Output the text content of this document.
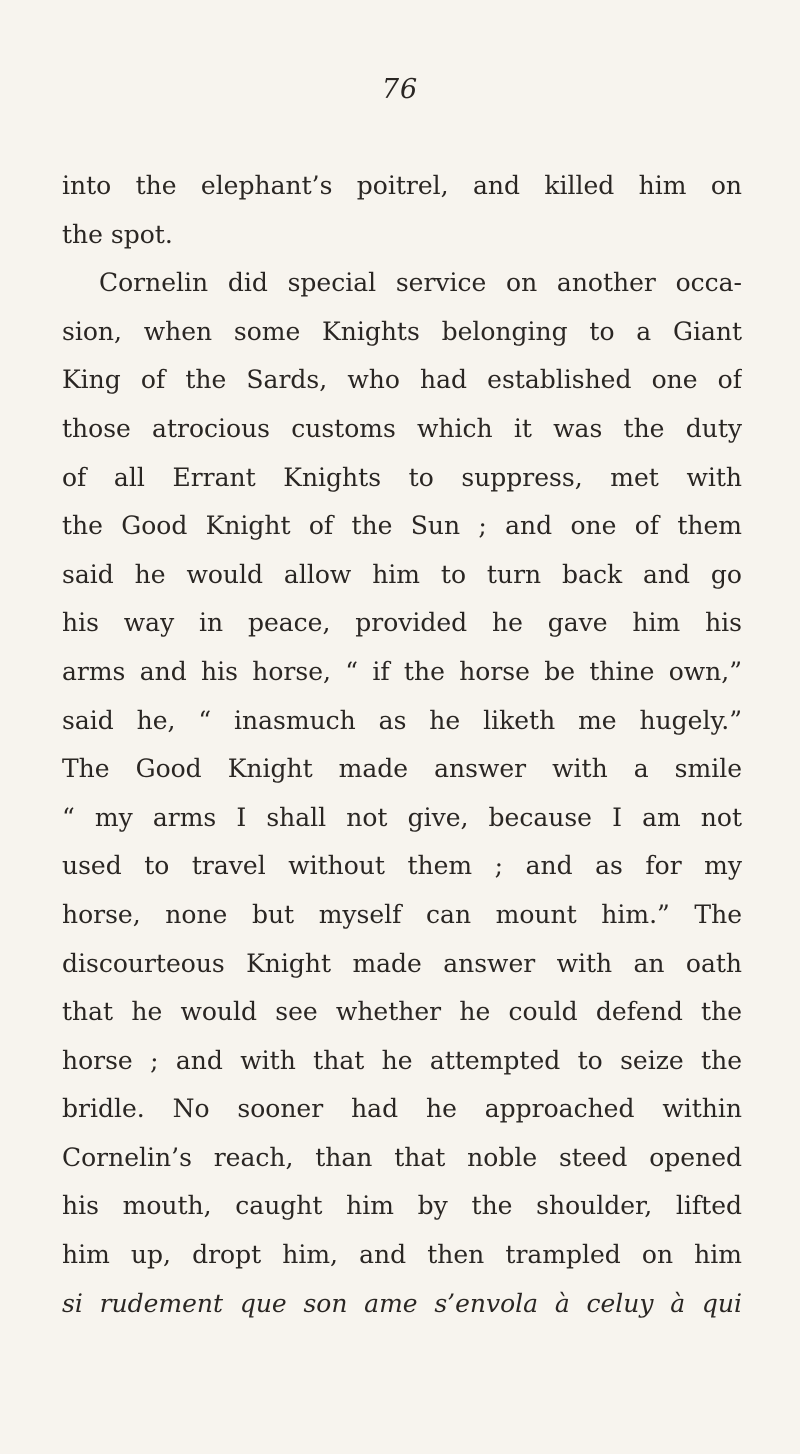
76
into the elephant’s poitrel, and killed him on
the spot.
Cornelin did special service on another occa-
sion, when some Knights belonging to a Giant
King of the Sards, who had established one of
those atrocious customs which it was the duty
of all Errant Knights to suppress, met with
the Good Knight of the Sun ; and one of them
said he would allow him to turn back and go
his way in peace, provided he gave him his
arms and his horse, “ if the horse be thine own,”
said he, “ inasmuch as he liketh me hugely.”
The Good Knight made answer with a smile
“ my arms I shall not give, because I am not
used to travel without them ; and as for my
horse, none but myself can mount him.” The
discourteous Knight made answer with an oath
that he would see whether he could defend the
horse ; and with that he attempted to seize the
bridle. No sooner had he approached within
Cornelin’s reach, than that noble steed opened
his mouth, caught him by the shoulder, lifted
him up, dropt him, and then trampled on him
si rudement que son ame s’envola à celuy à qui
